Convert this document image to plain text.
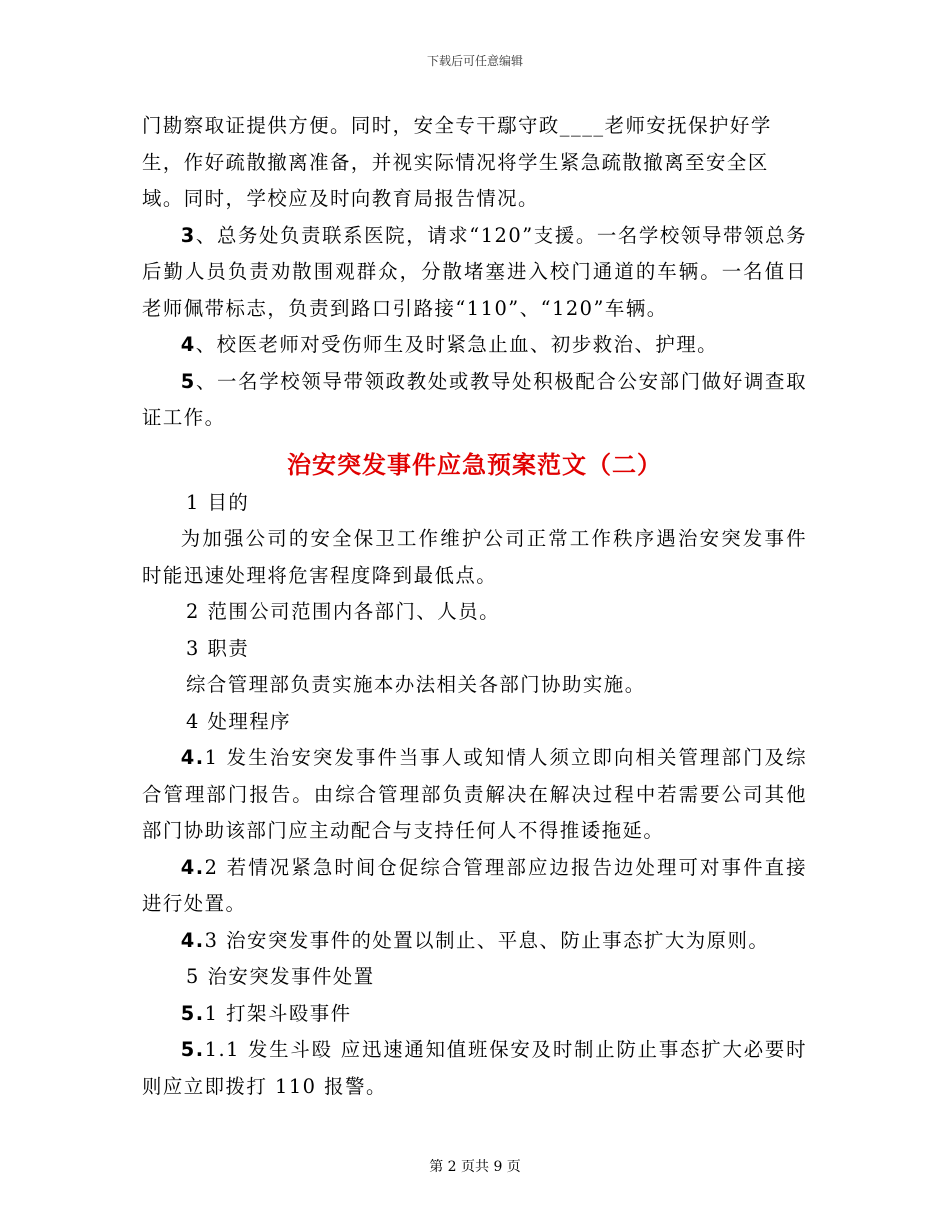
下载后可任意编辑

门勘察取证提供方便。同时，安全专干鄢守政____老师安抚保护好学

生，作好疏散撤离准备，并视实际情况将学生紧急疏散撤离至安全区

域。同时，学校应及时向教育局报告情况。

3、总务处负责联系医院，请求“120”支援。一名学校领导带领总务后勤人员负责劝散围观群众，分散堵塞进入校门通道的车辆。一名值日老师佩带标志，负责到路口引路接“110”、“120”车辆。

4、校医老师对受伤师生及时紧急止血、初步救治、护理。

5、一名学校领导带领政教处或教导处积极配合公安部门做好调查取证工作。

治安突发事件应急预案范文（二）

1 目的

为加强公司的安全保卫工作维护公司正常工作秩序遇治安突发事件时能迅速处理将危害程度降到最低点。

2 范围公司范围内各部门、人员。

3 职责

综合管理部负责实施本办法相关各部门协助实施。

4 处理程序

4.1 发生治安突发事件当事人或知情人须立即向相关管理部门及综合管理部门报告。由综合管理部负责解决在解决过程中若需要公司其他部门协助该部门应主动配合与支持任何人不得推诿拖延。

4.2 若情况紧急时间仓促综合管理部应边报告边处理可对事件直接进行处置。

4.3 治安突发事件的处置以制止、平息、防止事态扩大为原则。

5 治安突发事件处置

5.1 打架斗殴事件

5.1.1 发生斗殴 应迅速通知值班保安及时制止防止事态扩大必要时则应立即拨打 110 报警。

第 2 页共 9 页
